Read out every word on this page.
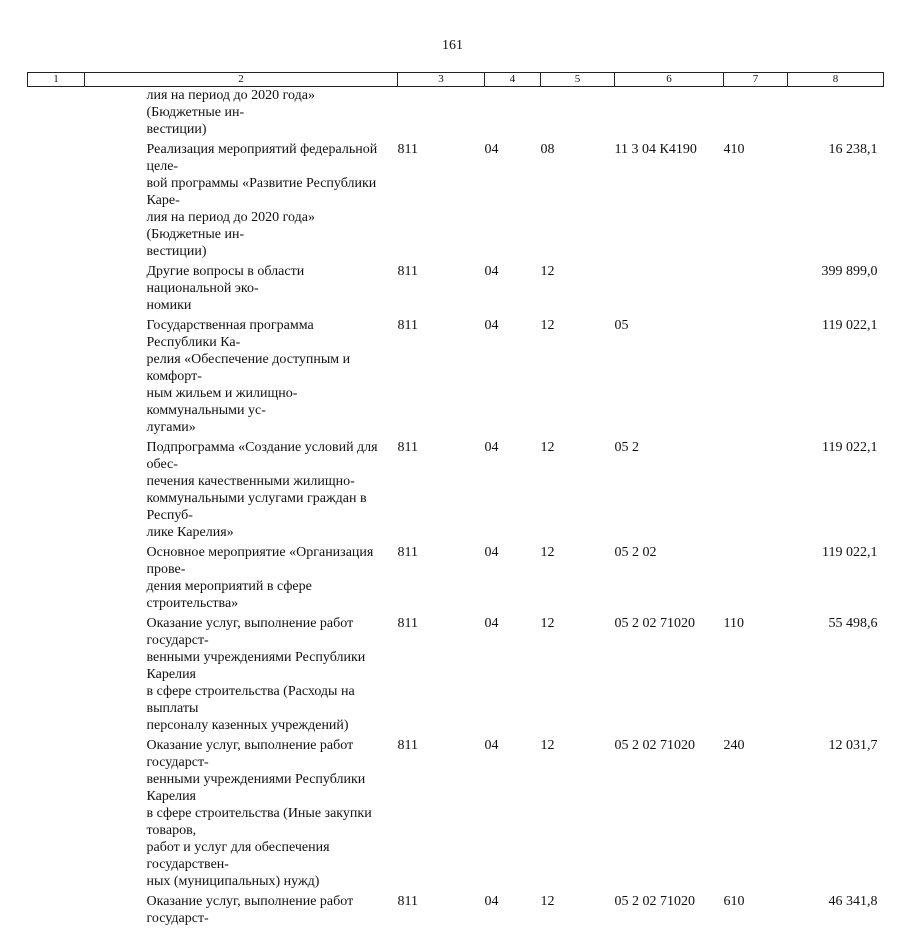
161
1	2	3	4	5	6	7	8
	лия на период до 2020 года» (Бюджетные ин-
вестиции)						
	Реализация мероприятий федеральной целе-
вой программы «Развитие Республики Каре-
лия на период до 2020 года» (Бюджетные ин-
вестиции)	811	04	08	11 3 04 К4190	410	16 238,1
	Другие вопросы в области национальной эко-
номики	811	04	12			399 899,0
	Государственная программа Республики Ка-
релия «Обеспечение доступным и комфорт-
ным жильем и жилищно-коммунальными ус-
лугами»	811	04	12	05		119 022,1
	Подпрограмма «Создание условий для обес-
печения качественными жилищно-
коммунальными услугами граждан в Респуб-
лике Карелия»	811	04	12	05 2		119 022,1
	Основное мероприятие «Организация прове-
дения мероприятий в сфере строительства»	811	04	12	05 2 02		119 022,1
	Оказание услуг, выполнение работ государст-
венными учреждениями Республики Карелия
в сфере строительства (Расходы на выплаты
персоналу казенных учреждений)	811	04	12	05 2 02 71020	110	55 498,6
	Оказание услуг, выполнение работ государст-
венными учреждениями Республики Карелия
в сфере строительства (Иные закупки товаров,
работ и услуг для обеспечения государствен-
ных (муниципальных) нужд)	811	04	12	05 2 02 71020	240	12 031,7
	Оказание услуг, выполнение работ государст-	811	04	12	05 2 02 71020	610	46 341,8
